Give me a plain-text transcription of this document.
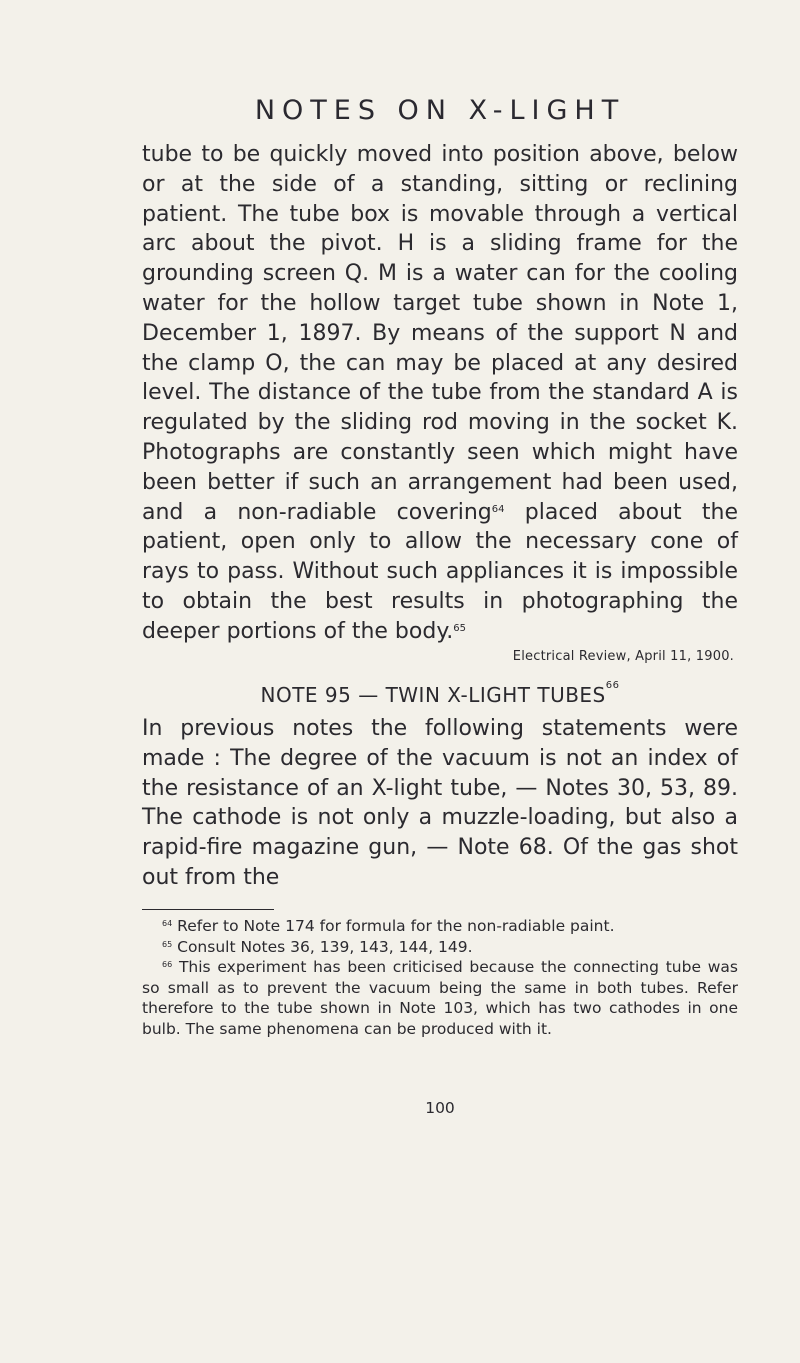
NOTES ON X-LIGHT

tube to be quickly moved into position above, below or at the side of a standing, sitting or reclining patient. The tube box is movable through a vertical arc about the pivot. H is a sliding frame for the grounding screen Q. M is a water can for the cooling water for the hollow target tube shown in Note 1, December 1, 1897. By means of the support N and the clamp O, the can may be placed at any desired level. The distance of the tube from the standard A is regulated by the sliding rod moving in the socket K. Photographs are constantly seen which might have been better if such an arrangement had been used, and a non-radiable covering$^{64}$ placed about the patient, open only to allow the necessary cone of rays to pass. Without such appliances it is impossible to obtain the best results in photographing the deeper portions of the body.$^{65}$

Electrical Review, April 11, 1900.
NOTE 95 — TWIN X-LIGHT TUBES$^{66}$

In previous notes the following statements were made : The degree of the vacuum is not an index of the resistance of an X-light tube, — Notes 30, 53, 89. The cathode is not only a muzzle-loading, but also a rapid-fire magazine gun, — Note 68. Of the gas shot out from the

$^{64}$ Refer to Note 174 for formula for the non-radiable paint.

$^{65}$ Consult Notes 36, 139, 143, 144, 149.

$^{66}$ This experiment has been criticised because the connecting tube was so small as to prevent the vacuum being the same in both tubes. Refer therefore to the tube shown in Note 103, which has two cathodes in one bulb. The same phenomena can be produced with it.

100
